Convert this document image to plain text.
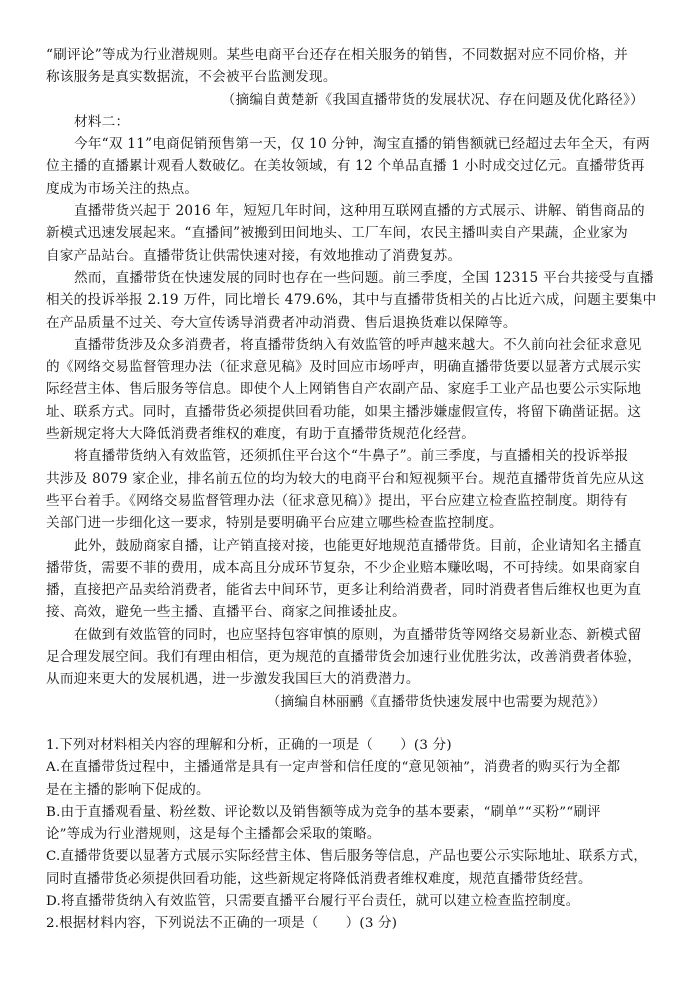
“刷评论”等成为行业潜规则。某些电商平台还存在相关服务的销售，不同数据对应不同价格，并
称该服务是真实数据流，不会被平台监测发现。
（摘编自黄楚新《我国直播带货的发展状况、存在问题及优化路径》）
材料二：
今年“双 11”电商促销预售第一天，仅 10 分钟，淘宝直播的销售额就已经超过去年全天，有两
位主播的直播累计观看人数破亿。在美妆领域，有 12 个单品直播 1 小时成交过亿元。直播带货再
度成为市场关注的热点。
直播带货兴起于 2016 年，短短几年时间，这种用互联网直播的方式展示、讲解、销售商品的
新模式迅速发展起来。“直播间”被搬到田间地头、工厂车间，农民主播叫卖自产果蔬，企业家为
自家产品站台。直播带货让供需快速对接，有效地推动了消费复苏。
然而，直播带货在快速发展的同时也存在一些问题。前三季度，全国 12315 平台共接受与直播
相关的投诉举报 2.19 万件，同比增长 479.6%，其中与直播带货相关的占比近六成，问题主要集中
在产品质量不过关、夸大宣传诱导消费者冲动消费、售后退换货难以保障等。
直播带货涉及众多消费者，将直播带货纳入有效监管的呼声越来越大。不久前向社会征求意见
的《网络交易监督管理办法（征求意见稿》及时回应市场呼声，明确直播带货要以显著方式展示实
际经营主体、售后服务等信息。即使个人上网销售自产农副产品、家庭手工业产品也要公示实际地
址、联系方式。同时，直播带货必须提供回看功能，如果主播涉嫌虚假宣传，将留下确凿证据。这
些新规定将大大降低消费者维权的难度，有助于直播带货规范化经营。
将直播带货纳入有效监管，还须抓住平台这个“牛鼻子”。前三季度，与直播相关的投诉举报
共涉及 8079 家企业，排名前五位的均为较大的电商平台和短视频平台。规范直播带货首先应从这
些平台着手。《网络交易监督管理办法（征求意见稿）》提出，平台应建立检查监控制度。期待有
关部门进一步细化这一要求，特别是要明确平台应建立哪些检查监控制度。
此外，鼓励商家自播，让产销直接对接，也能更好地规范直播带货。目前，企业请知名主播直
播带货，需要不菲的费用，成本高且分成环节复杂，不少企业赔本赚吆喝，不可持续。如果商家自
播，直接把产品卖给消费者，能省去中间环节，更多让利给消费者，同时消费者售后维权也更为直
接、高效，避免一些主播、直播平台、商家之间推诿扯皮。
在做到有效监管的同时，也应坚持包容审慎的原则，为直播带货等网络交易新业态、新模式留
足合理发展空间。我们有理由相信，更为规范的直播带货会加速行业优胜劣汰，改善消费者体验，
从而迎来更大的发展机遇，进一步激发我国巨大的消费潜力。
（摘编自林丽鹂《直播带货快速发展中也需要为规范》）
1.下列对材料相关内容的理解和分析，正确的一项是（　　）(3 分)
A.在直播带货过程中，主播通常是具有一定声誉和信任度的“意见领袖”，消费者的购买行为全都
是在主播的影响下促成的。
B.由于直播观看量、粉丝数、评论数以及销售额等成为竞争的基本要素，“刷单”“买粉”“刷评
论”等成为行业潜规则，这是每个主播都会采取的策略。
C.直播带货要以显著方式展示实际经营主体、售后服务等信息，产品也要公示实际地址、联系方式，
同时直播带货必须提供回看功能，这些新规定将降低消费者维权难度，规范直播带货经营。
D.将直播带货纳入有效监管，只需要直播平台履行平台责任，就可以建立检查监控制度。
2.根据材料内容，下列说法不正确的一项是（　　）(3 分)
